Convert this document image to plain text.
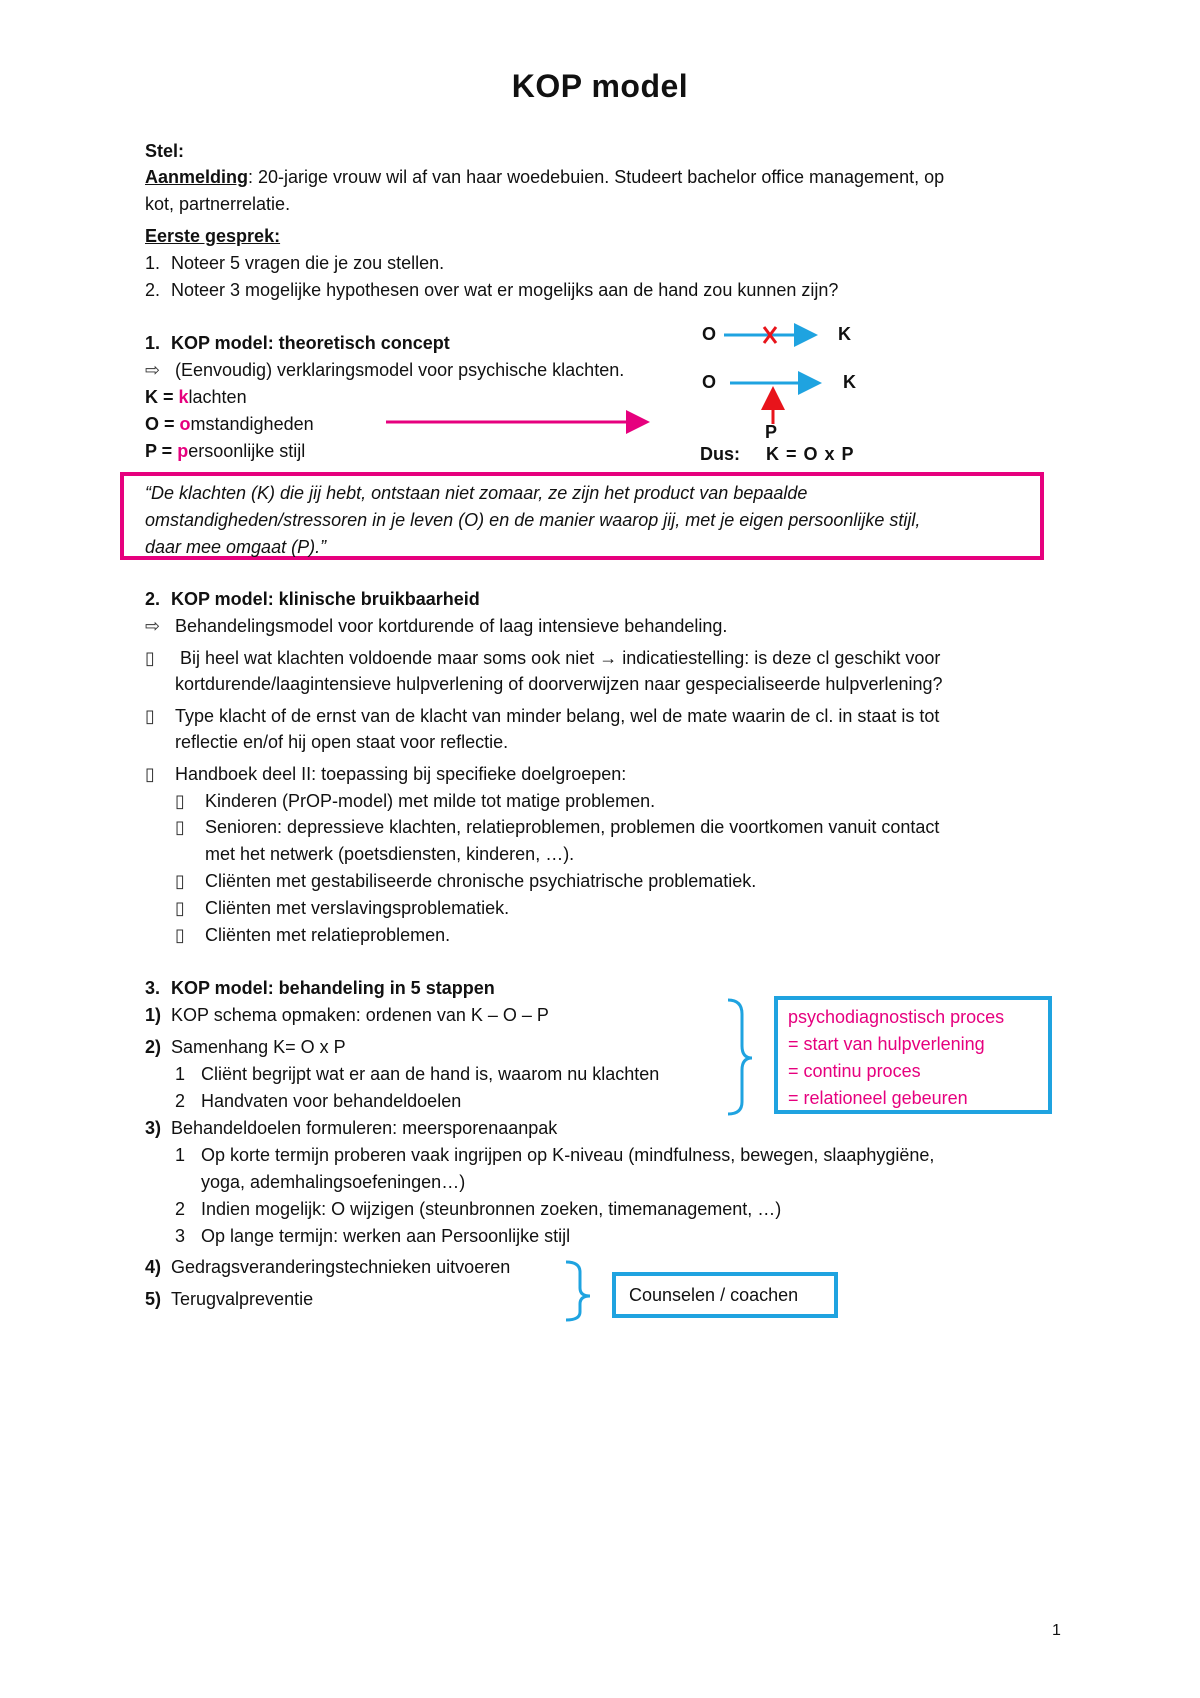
KOP model
Stel:
Aanmelding: 20-jarige vrouw wil af van haar woedebuien. Studeert bachelor office management, op
kot, partnerrelatie.
Eerste gesprek:
1. Noteer 5 vragen die je zou stellen.
2. Noteer 3 mogelijke hypothesen over wat er mogelijks aan de hand zou kunnen zijn?
1. KOP model: theoretisch concept
⇨ (Eenvoudig) verklaringsmodel voor psychische klachten.
K = klachten
O = omstandigheden
P = persoonlijke stijl
O	K
O	K
P
Dus: K = O x P
“De klachten (K) die jij hebt, ontstaan niet zomaar, ze zijn het product van bepaalde
omstandigheden/stressoren in je leven (O) en de manier waarop jij, met je eigen persoonlijke stijl,
daar mee omgaat (P).”
2. KOP model: klinische bruikbaarheid
⇨ Behandelingsmodel voor kortdurende of laag intensieve behandeling.
▯ Bij heel wat klachten voldoende maar soms ook niet → indicatiestelling: is deze cl geschikt voor
kortdurende/laagintensieve hulpverlening of doorverwijzen naar gespecialiseerde hulpverlening?
▯ Type klacht of de ernst van de klacht van minder belang, wel de mate waarin de cl. in staat is tot
reflectie en/of hij open staat voor reflectie.
▯ Handboek deel II: toepassing bij specifieke doelgroepen:
▯ Kinderen (PrOP-model) met milde tot matige problemen.
▯ Senioren: depressieve klachten, relatieproblemen, problemen die voortkomen vanuit contact
met het netwerk (poetsdiensten, kinderen, …).
▯ Cliënten met gestabiliseerde chronische psychiatrische problematiek.
▯ Cliënten met verslavingsproblematiek.
▯ Cliënten met relatieproblemen.
3. KOP model: behandeling in 5 stappen
1) KOP schema opmaken: ordenen van K – O – P
2) Samenhang K= O x P
1 Cliënt begrijpt wat er aan de hand is, waarom nu klachten
2 Handvaten voor behandeldoelen
3) Behandeldoelen formuleren: meersporenaanpak
1 Op korte termijn proberen vaak ingrijpen op K-niveau (mindfulness, bewegen, slaaphygiëne,
yoga, ademhalingsoefeningen…)
2 Indien mogelijk: O wijzigen (steunbronnen zoeken, timemanagement, …)
3 Op lange termijn: werken aan Persoonlijke stijl
4) Gedragsveranderingstechnieken uitvoeren
5) Terugvalpreventie
psychodiagnostisch proces
= start van hulpverlening
= continu proces
= relationeel gebeuren
Counselen / coachen
1
